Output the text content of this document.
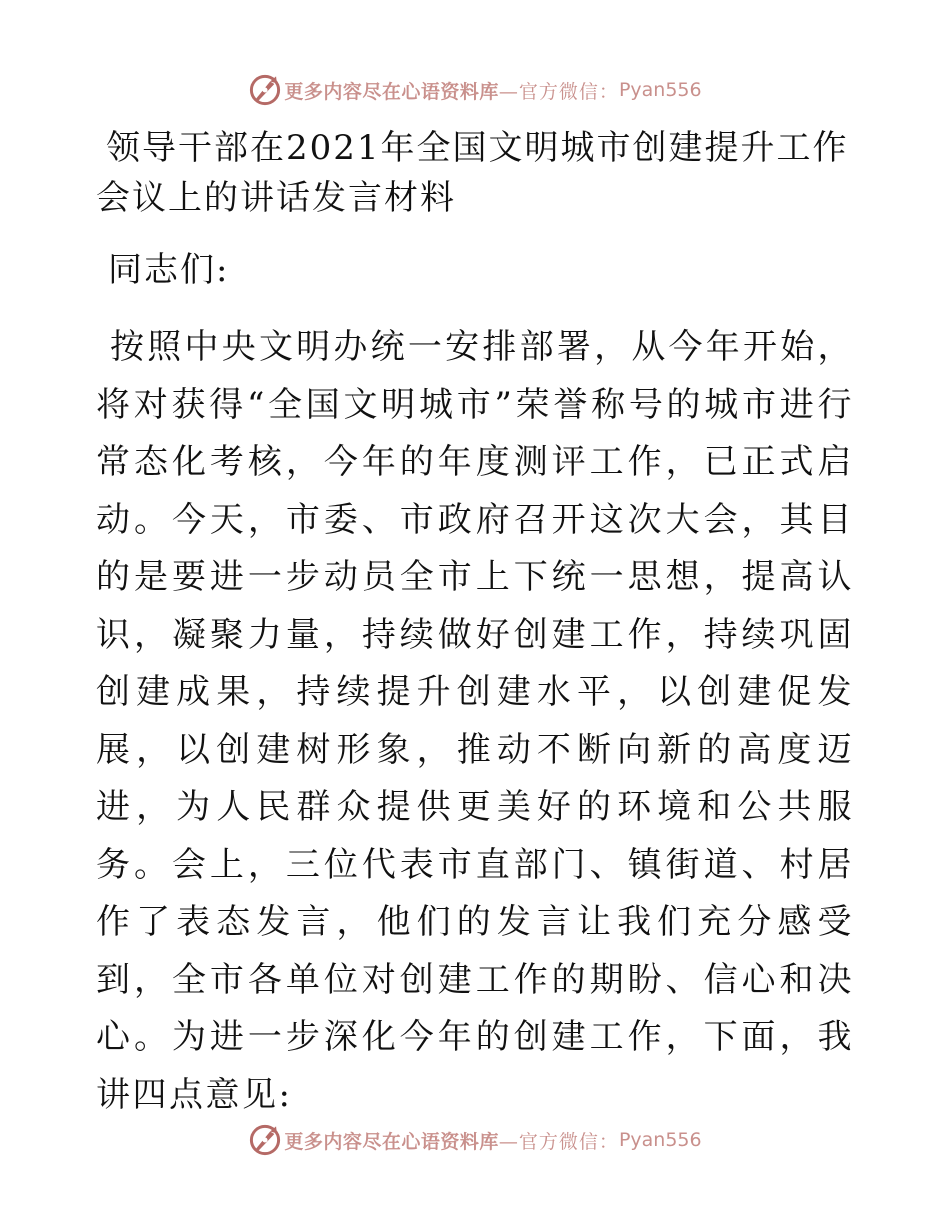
更多内容尽在心语资料库 —官方微信： Pyan556
领导干部在2021年全国文明城市创建提升工作会议上的讲话发言材料

同志们:

按照中央文明办统一安排部署，从今年开始，将对获得“全国文明城市”荣誉称号的城市进行常态化考核，今年的年度测评工作，已正式启动。今天，市委、市政府召开这次大会，其目的是要进一步动员全市上下统一思想，提高认识，凝聚力量，持续做好创建工作，持续巩固创建成果，持续提升创建水平，以创建促发展，以创建树形象，推动不断向新的高度迈进，为人民群众提供更美好的环境和公共服务。会上，三位代表市直部门、镇街道、村居作了表态发言，他们的发言让我们充分感受到，全市各单位对创建工作的期盼、信心和决心。为进一步深化今年的创建工作，下面，我讲四点意见:

更多内容尽在心语资料库 —官方微信： Pyan556
